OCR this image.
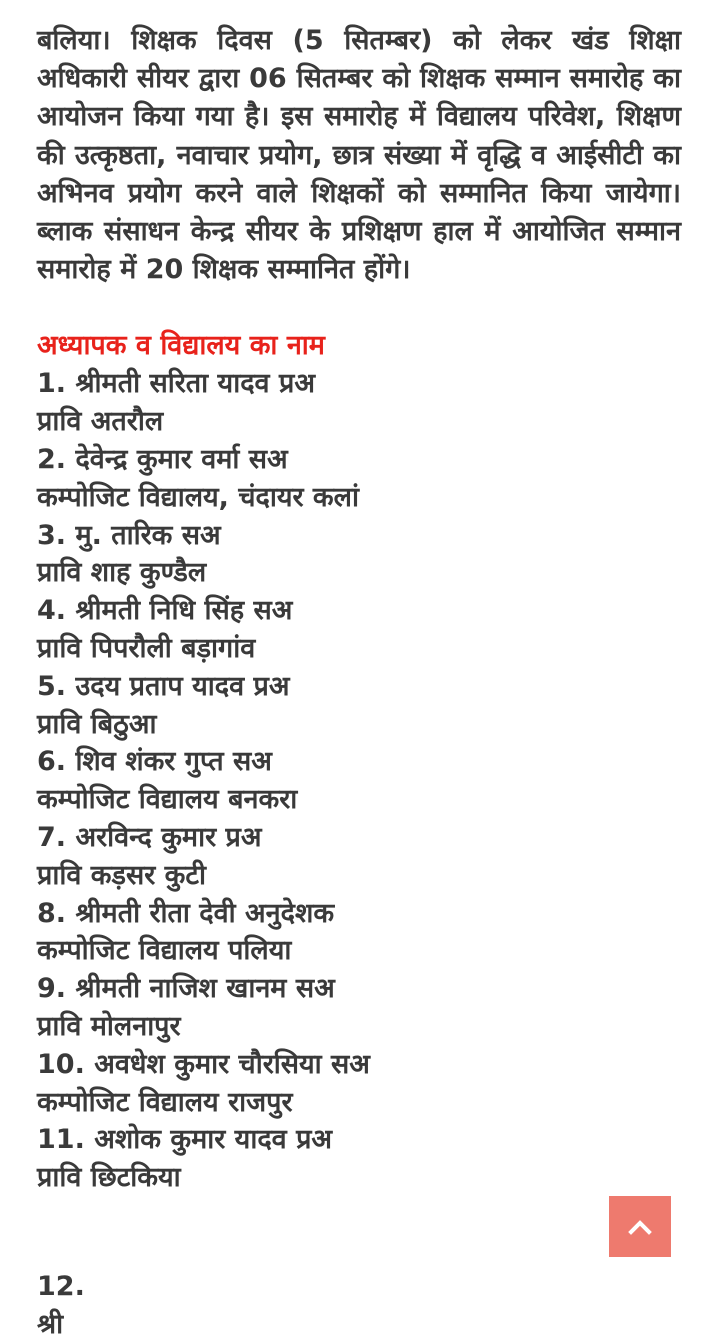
बलिया। शिक्षक दिवस (5 सितम्बर) को लेकर खंड शिक्षा अधिकारी सीयर द्वारा 06 सितम्बर को शिक्षक सम्मान समारोह का आयोजन किया गया है। इस समारोह में विद्यालय परिवेश, शिक्षण की उत्कृष्ठता, नवाचार प्रयोग, छात्र संख्या में वृद्धि व आईसीटी का अभिनव प्रयोग करने वाले शिक्षकों को सम्मानित किया जायेगा। ब्लाक संसाधन केन्द्र सीयर के प्रशिक्षण हाल में आयोजित सम्मान समारोह में 20 शिक्षक सम्मानित होंगे।

अध्यापक व विद्यालय का नाम

1. श्रीमती सरिता यादव प्रअ
प्रावि अतरौल

2. देवेन्द्र कुमार वर्मा सअ
कम्पोजिट विद्यालय, चंदायर कलां

3. मु. तारिक सअ
प्रावि शाह कुण्डैल

4. श्रीमती निधि सिंह सअ
प्रावि पिपरौली बड़ागांव

5. उदय प्रताप यादव प्रअ
प्रावि बिठुआ

6. शिव शंकर गुप्त सअ
कम्पोजिट विद्यालय बनकरा

7. अरविन्द कुमार प्रअ
प्रावि कड़सर कुटी

8. श्रीमती रीता देवी अनुदेशक
कम्पोजिट विद्यालय पलिया

9. श्रीमती नाजिश खानम सअ
प्रावि मोलनापुर

10. अवधेश कुमार चौरसिया सअ
कम्पोजिट विद्यालय राजपुर

11. अशोक कुमार यादव प्रअ
प्रावि छिटकिया

12. श्री
